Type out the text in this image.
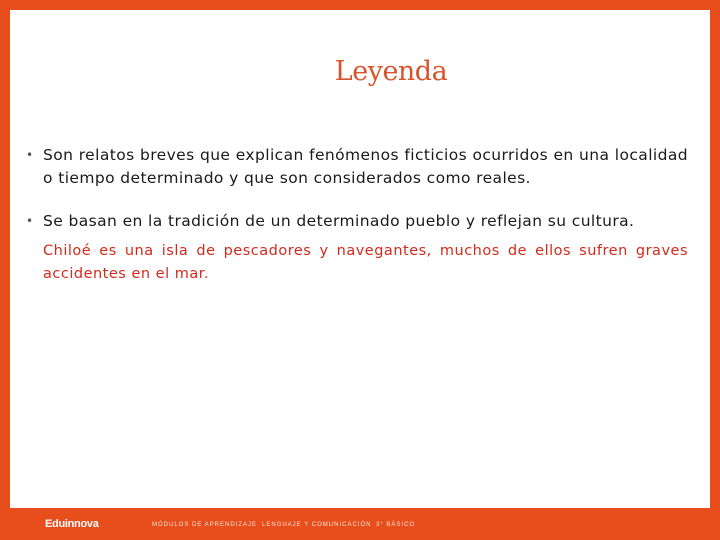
Leyenda
• Son relatos breves que explican fenómenos ficticios ocurridos en una localidad o tiempo determinado y que son considerados como reales.
• Se basan en la tradición de un determinado pueblo y reflejan su cultura.
Chiloé es una isla de pescadores y navegantes, muchos de ellos sufren graves accidentes en el mar.
Eduinnova	MÓDULOS DE APRENDIZAJE LENGUAJE Y COMUNICACIÓN 3° BÁSICO
